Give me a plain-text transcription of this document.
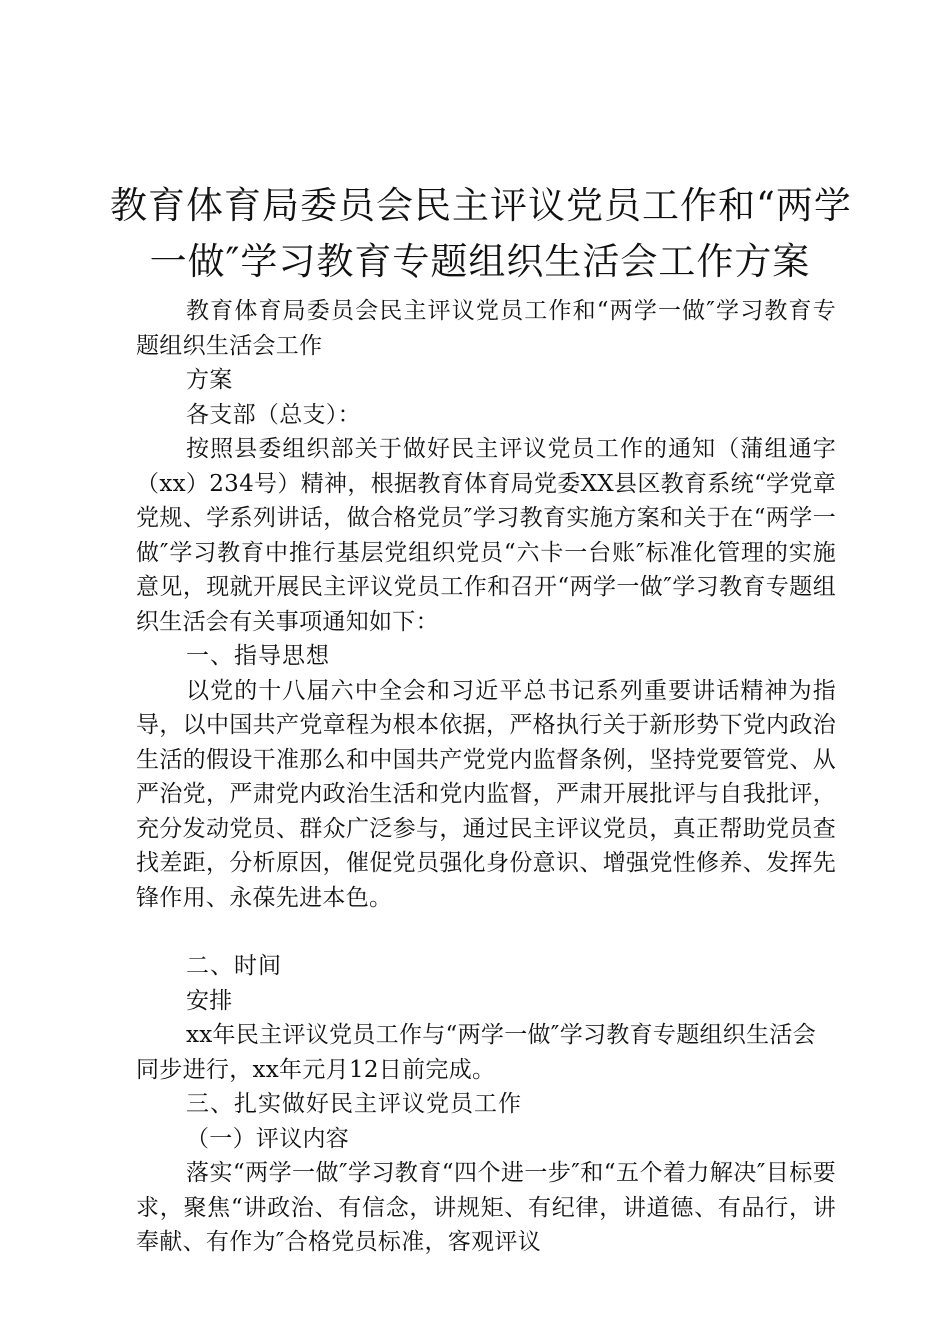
教育体育局委员会民主评议党员工作和“两学
一做″学习教育专题组织生活会工作方案

教育体育局委员会民主评议党员工作和“两学一做″学习教育专题组织生活会工作

方案

各支部（总支）：

按照县委组织部关于做好民主评议党员工作的通知（蒲组通字（xx）234号）精神，根据教育体育局党委XX县区教育系统“学党章党规、学系列讲话，做合格党员″学习教育实施方案和关于在“两学一做″学习教育中推行基层党组织党员“六卡一台账″标准化管理的实施意见，现就开展民主评议党员工作和召开“两学一做″学习教育专题组织生活会有关事项通知如下：

一、指导思想

以党的十八届六中全会和习近平总书记系列重要讲话精神为指导，以中国共产党章程为根本依据，严格执行关于新形势下党内政治生活的假设干准那么和中国共产党党内监督条例，坚持党要管党、从严治党，严肃党内政治生活和党内监督，严肃开展批评与自我批评，充分发动党员、群众广泛参与，通过民主评议党员，真正帮助党员查找差距，分析原因，催促党员强化身份意识、增强党性修养、发挥先锋作用、永葆先进本色。

二、时间

安排

xx年民主评议党员工作与“两学一做″学习教育专题组织生活会同步进行，xx年元月12日前完成。

三、扎实做好民主评议党员工作

（一）评议内容

落实“两学一做″学习教育“四个进一步″和“五个着力解决″目标要求，聚焦“讲政治、有信念，讲规矩、有纪律，讲道德、有品行，讲奉献、有作为″合格党员标准，客观评议
